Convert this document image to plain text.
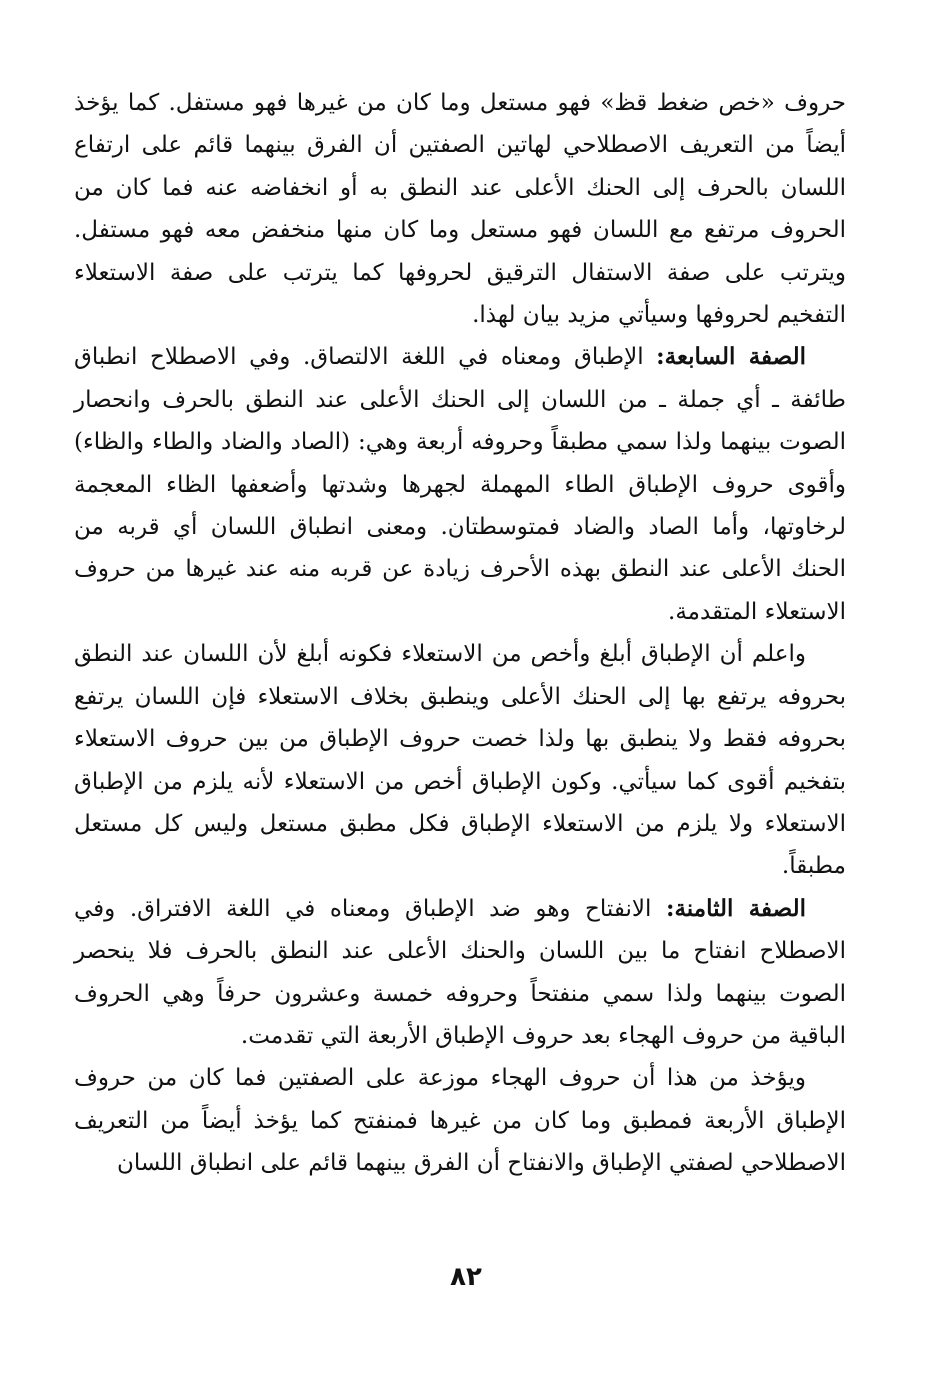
حروف «خص ضغط قظ» فهو مستعل وما كان من غيرها فهو مستفل. كما يؤخذ أيضاً من التعريف الاصطلاحي لهاتين الصفتين أن الفرق بينهما قائم على ارتفاع اللسان بالحرف إلى الحنك الأعلى عند النطق به أو انخفاضه عنه فما كان من الحروف مرتفع مع اللسان فهو مستعل وما كان منها منخفض معه فهو مستفل. ويترتب على صفة الاستفال الترقيق لحروفها كما يترتب على صفة الاستعلاء التفخيم لحروفها وسيأتي مزيد بيان لهذا.

الصفة السابعة: الإطباق ومعناه في اللغة الالتصاق. وفي الاصطلاح انطباق طائفة ـ أي جملة ـ من اللسان إلى الحنك الأعلى عند النطق بالحرف وانحصار الصوت بينهما ولذا سمي مطبقاً وحروفه أربعة وهي: (الصاد والضاد والطاء والظاء) وأقوى حروف الإطباق الطاء المهملة لجهرها وشدتها وأضعفها الظاء المعجمة لرخاوتها، وأما الصاد والضاد فمتوسطتان. ومعنى انطباق اللسان أي قربه من الحنك الأعلى عند النطق بهذه الأحرف زيادة عن قربه منه عند غيرها من حروف الاستعلاء المتقدمة.

واعلم أن الإطباق أبلغ وأخص من الاستعلاء فكونه أبلغ لأن اللسان عند النطق بحروفه يرتفع بها إلى الحنك الأعلى وينطبق بخلاف الاستعلاء فإن اللسان يرتفع بحروفه فقط ولا ينطبق بها ولذا خصت حروف الإطباق من بين حروف الاستعلاء بتفخيم أقوى كما سيأتي. وكون الإطباق أخص من الاستعلاء لأنه يلزم من الإطباق الاستعلاء ولا يلزم من الاستعلاء الإطباق فكل مطبق مستعل وليس كل مستعل مطبقاً.

الصفة الثامنة: الانفتاح وهو ضد الإطباق ومعناه في اللغة الافتراق. وفي الاصطلاح انفتاح ما بين اللسان والحنك الأعلى عند النطق بالحرف فلا ينحصر الصوت بينهما ولذا سمي منفتحاً وحروفه خمسة وعشرون حرفاً وهي الحروف الباقية من حروف الهجاء بعد حروف الإطباق الأربعة التي تقدمت.

ويؤخذ من هذا أن حروف الهجاء موزعة على الصفتين فما كان من حروف الإطباق الأربعة فمطبق وما كان من غيرها فمنفتح كما يؤخذ أيضاً من التعريف الاصطلاحي لصفتي الإطباق والانفتاح أن الفرق بينهما قائم على انطباق اللسان

٨٢
